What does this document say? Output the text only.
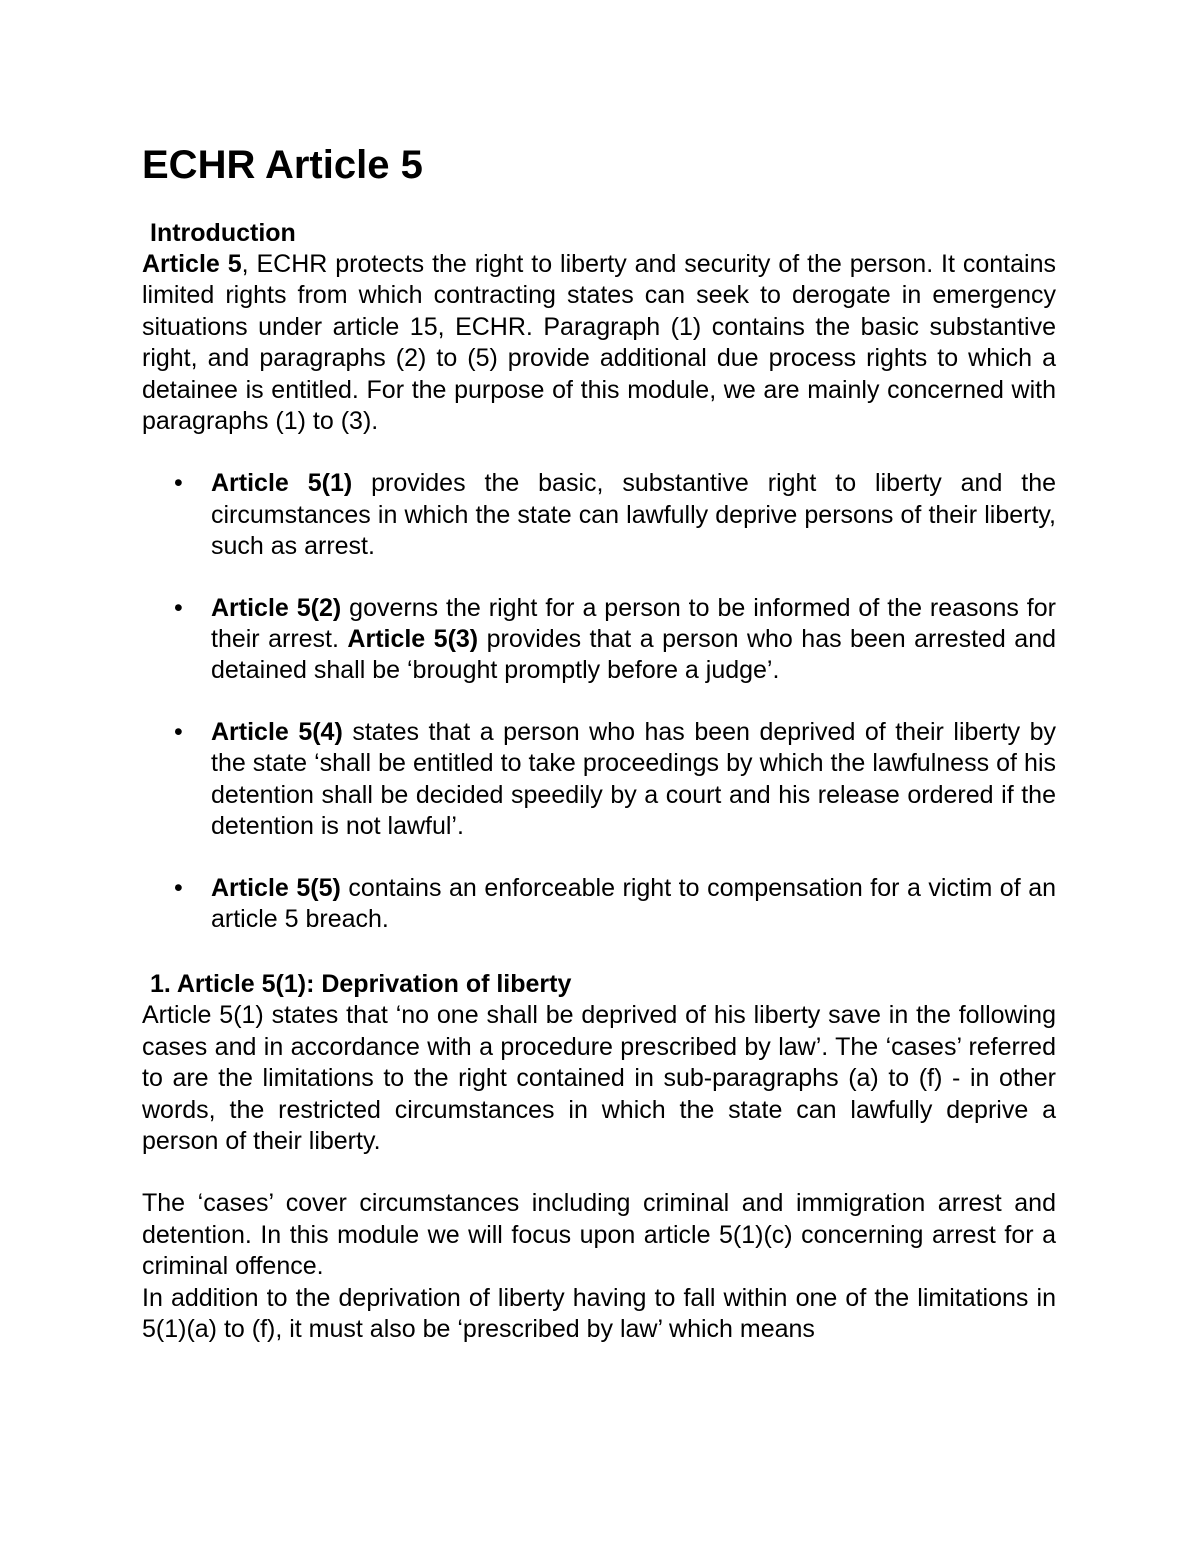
ECHR Article 5
Introduction

Article 5, ECHR protects the right to liberty and security of the person. It contains limited rights from which contracting states can seek to derogate in emergency situations under article 15, ECHR. Paragraph (1) contains the basic substantive right, and paragraphs (2) to (5) provide additional due process rights to which a detainee is entitled. For the purpose of this module, we are mainly concerned with paragraphs (1) to (3).

• Article 5(1) provides the basic, substantive right to liberty and the circumstances in which the state can lawfully deprive persons of their liberty, such as arrest.
• Article 5(2) governs the right for a person to be informed of the reasons for their arrest. Article 5(3) provides that a person who has been arrested and detained shall be ‘brought promptly before a judge’.
• Article 5(4) states that a person who has been deprived of their liberty by the state ‘shall be entitled to take proceedings by which the lawfulness of his detention shall be decided speedily by a court and his release ordered if the detention is not lawful’.
• Article 5(5) contains an enforceable right to compensation for a victim of an article 5 breach.
1. Article 5(1): Deprivation of liberty

Article 5(1) states that ‘no one shall be deprived of his liberty save in the following cases and in accordance with a procedure prescribed by law’. The ‘cases’ referred to are the limitations to the right contained in sub-paragraphs (a) to (f) - in other words, the restricted circumstances in which the state can lawfully deprive a person of their liberty.

The ‘cases’ cover circumstances including criminal and immigration arrest and detention. In this module we will focus upon article 5(1)(c) concerning arrest for a criminal offence.

In addition to the deprivation of liberty having to fall within one of the limitations in 5(1)(a) to (f), it must also be ‘prescribed by law’ which means
